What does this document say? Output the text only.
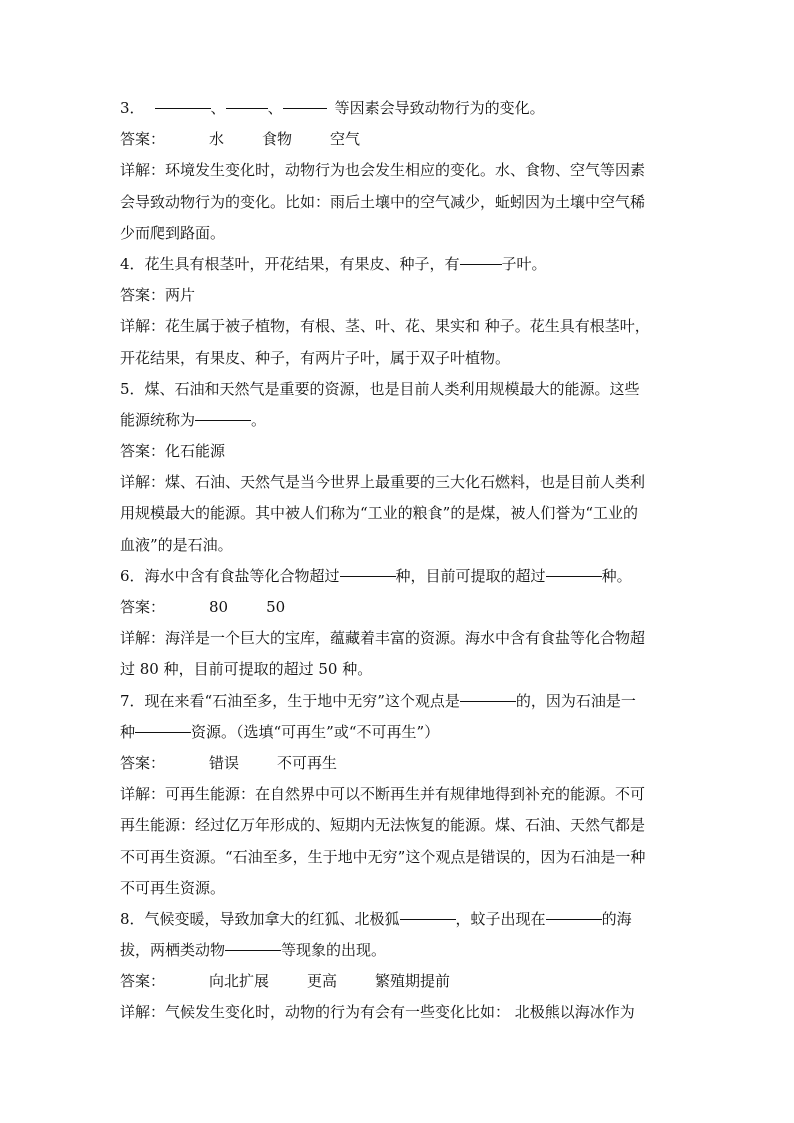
3．	、	、	等因素会导致动物行为的变化。
答案：	水	食物	空气
详解：环境发生变化时，动物行为也会发生相应的变化。水、食物、空气等因素
会导致动物行为的变化。比如：雨后土壤中的空气减少，蚯蚓因为土壤中空气稀
少而爬到路面。
4．花生具有根茎叶，开花结果，有果皮、种子，有	子叶。
答案：两片
详解：花生属于被子植物，有根、茎、叶、花、果实和 种子。花生具有根茎叶，
开花结果，有果皮、种子，有两片子叶，属于双子叶植物。
5．煤、石油和天然气是重要的资源，也是目前人类利用规模最大的能源。这些
能源统称为	。
答案：化石能源
详解：煤、石油、天然气是当今世界上最重要的三大化石燃料，也是目前人类利
用规模最大的能源。其中被人们称为“工业的粮食”的是煤，被人们誉为“工业的
血液”的是石油。
6．海水中含有食盐等化合物超过	种，目前可提取的超过	种。
答案：	80	50
详解：海洋是一个巨大的宝库，蕴藏着丰富的资源。海水中含有食盐等化合物超
过 80 种，目前可提取的超过 50 种。
7．现在来看“石油至多，生于地中无穷”这个观点是	的，因为石油是一
种	资源。（选填“可再生”或“不可再生”）
答案：	错误	不可再生
详解：可再生能源：在自然界中可以不断再生并有规律地得到补充的能源。不可
再生能源：经过亿万年形成的、短期内无法恢复的能源。煤、石油、天然气都是
不可再生资源。“石油至多，生于地中无穷”这个观点是错误的，因为石油是一种
不可再生资源。
8．气候变暖，导致加拿大的红狐、北极狐	，蚊子出现在	的海
拔，两栖类动物	等现象的出现。
答案：	向北扩展	更高	繁殖期提前
详解：气候发生变化时，动物的行为有会有一些变化比如： 北极熊以海冰作为
